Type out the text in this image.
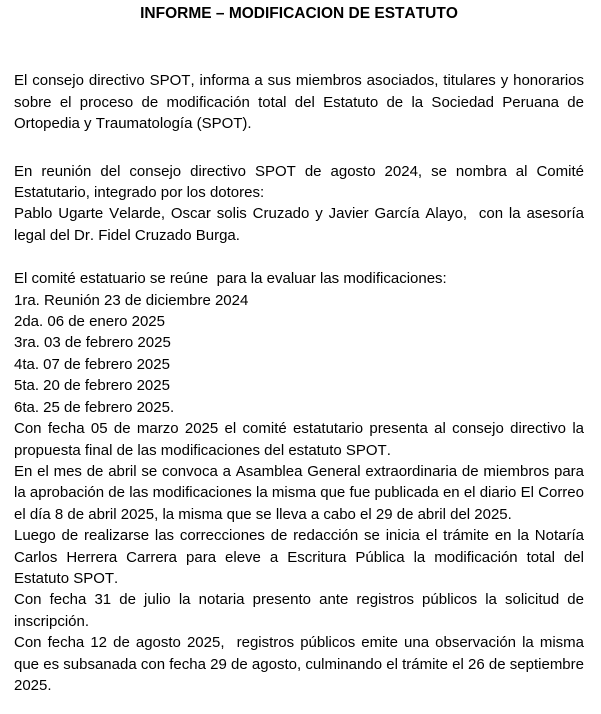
INFORME – MODIFICACION DE ESTATUTO

El consejo directivo SPOT, informa a sus miembros asociados, titulares y honorarios sobre el proceso de modificación total del Estatuto de la Sociedad Peruana de Ortopedia y Traumatología (SPOT).

En reunión del consejo directivo SPOT de agosto 2024, se nombra al Comité Estatutario, integrado por los dotores:

Pablo Ugarte Velarde, Oscar solis Cruzado y Javier García Alayo,  con la asesoría legal del Dr. Fidel Cruzado Burga.

El comité estatuario se reúne  para la evaluar las modificaciones:
1ra. Reunión 23 de diciembre 2024
2da. 06 de enero 2025
3ra. 03 de febrero 2025
4ta. 07 de febrero 2025
5ta. 20 de febrero 2025
6ta. 25 de febrero 2025.

Con fecha 05 de marzo 2025 el comité estatutario presenta al consejo directivo la propuesta final de las modificaciones del estatuto SPOT.

En el mes de abril se convoca a Asamblea General extraordinaria de miembros para la aprobación de las modificaciones la misma que fue publicada en el diario El Correo el día 8 de abril 2025, la misma que se lleva a cabo el 29 de abril del 2025.

Luego de realizarse las correcciones de redacción se inicia el trámite en la Notaría Carlos Herrera Carrera para eleve a Escritura Pública la modificación total del Estatuto SPOT.

Con fecha 31 de julio la notaria presento ante registros públicos la solicitud de inscripción.

Con fecha 12 de agosto 2025,  registros públicos emite una observación la misma que es subsanada con fecha 29 de agosto, culminando el trámite el 26 de septiembre 2025.
